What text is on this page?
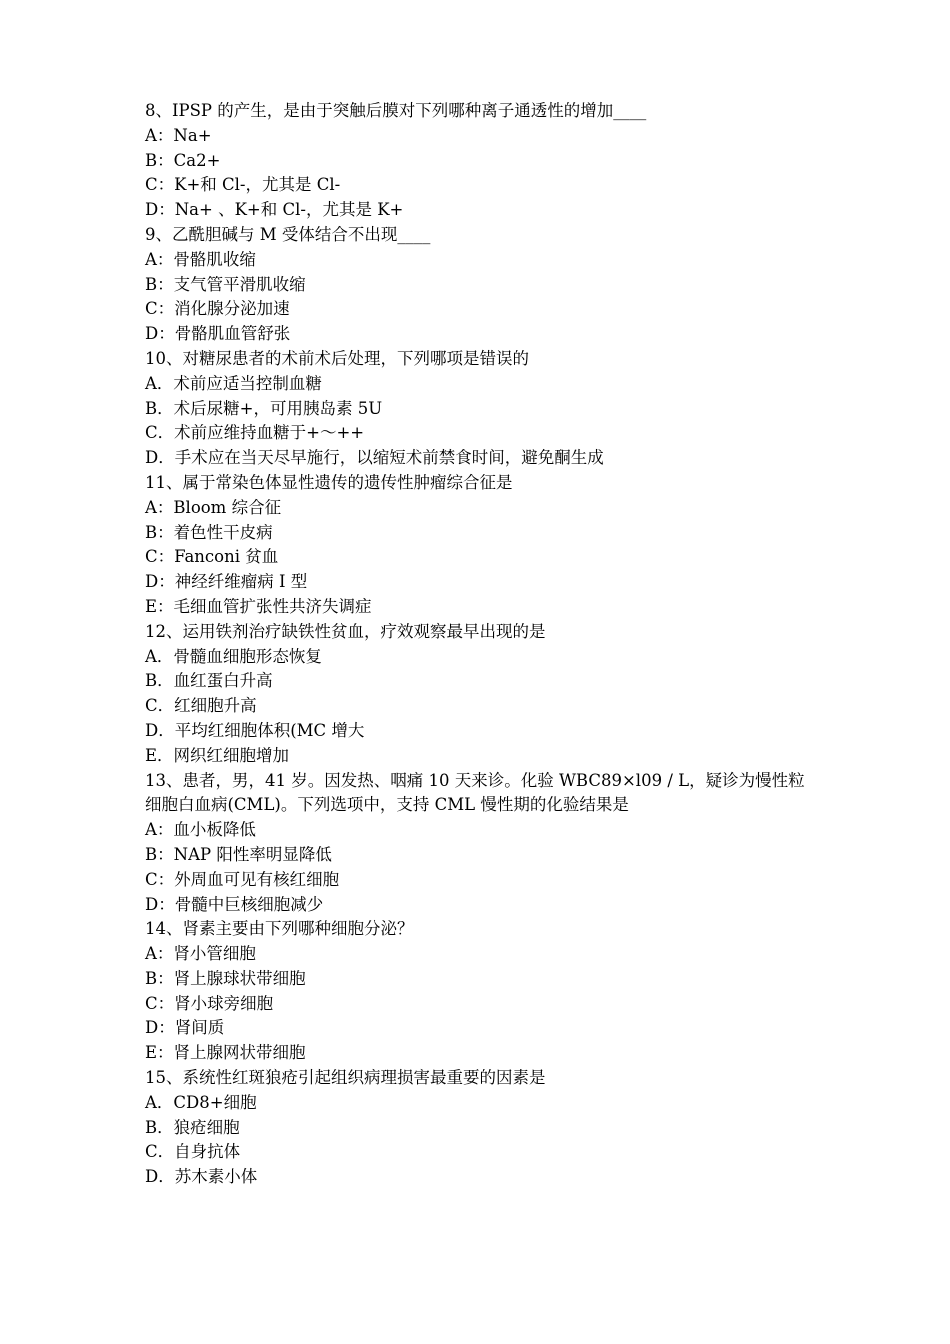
8、IPSP 的产生，是由于突触后膜对下列哪种离子通透性的增加____
A：Na+
B：Ca2+
C：K+和 Cl-，尤其是 Cl-
D：Na+ 、K+和 Cl-，尤其是 K+
9、乙酰胆碱与 M 受体结合不出现____
A：骨骼肌收缩
B：支气管平滑肌收缩
C：消化腺分泌加速
D：骨骼肌血管舒张
10、对糖尿患者的术前术后处理，下列哪项是错误的
A．术前应适当控制血糖
B．术后尿糖+，可用胰岛素 5U
C．术前应维持血糖于+～++
D．手术应在当天尽早施行，以缩短术前禁食时间，避免酮生成
11、属于常染色体显性遗传的遗传性肿瘤综合征是
A：Bloom 综合征
B：着色性干皮病
C：Fanconi 贫血
D：神经纤维瘤病 I 型
E：毛细血管扩张性共济失调症
12、运用铁剂治疗缺铁性贫血，疗效观察最早出现的是
A．骨髓血细胞形态恢复
B．血红蛋白升高
C．红细胞升高
D．平均红细胞体积(MC 增大
E．网织红细胞增加
13、患者，男，41 岁。因发热、咽痛 10 天来诊。化验 WBC89×l09 / L，疑诊为慢性粒细胞白血病(CML)。下列选项中，支持 CML 慢性期的化验结果是
A：血小板降低
B：NAP 阳性率明显降低
C：外周血可见有核红细胞
D：骨髓中巨核细胞减少
14、肾素主要由下列哪种细胞分泌？
A：肾小管细胞
B：肾上腺球状带细胞
C：肾小球旁细胞
D：肾间质
E：肾上腺网状带细胞
15、系统性红斑狼疮引起组织病理损害最重要的因素是
A．CD8+细胞
B．狼疮细胞
C．自身抗体
D．苏木素小体
